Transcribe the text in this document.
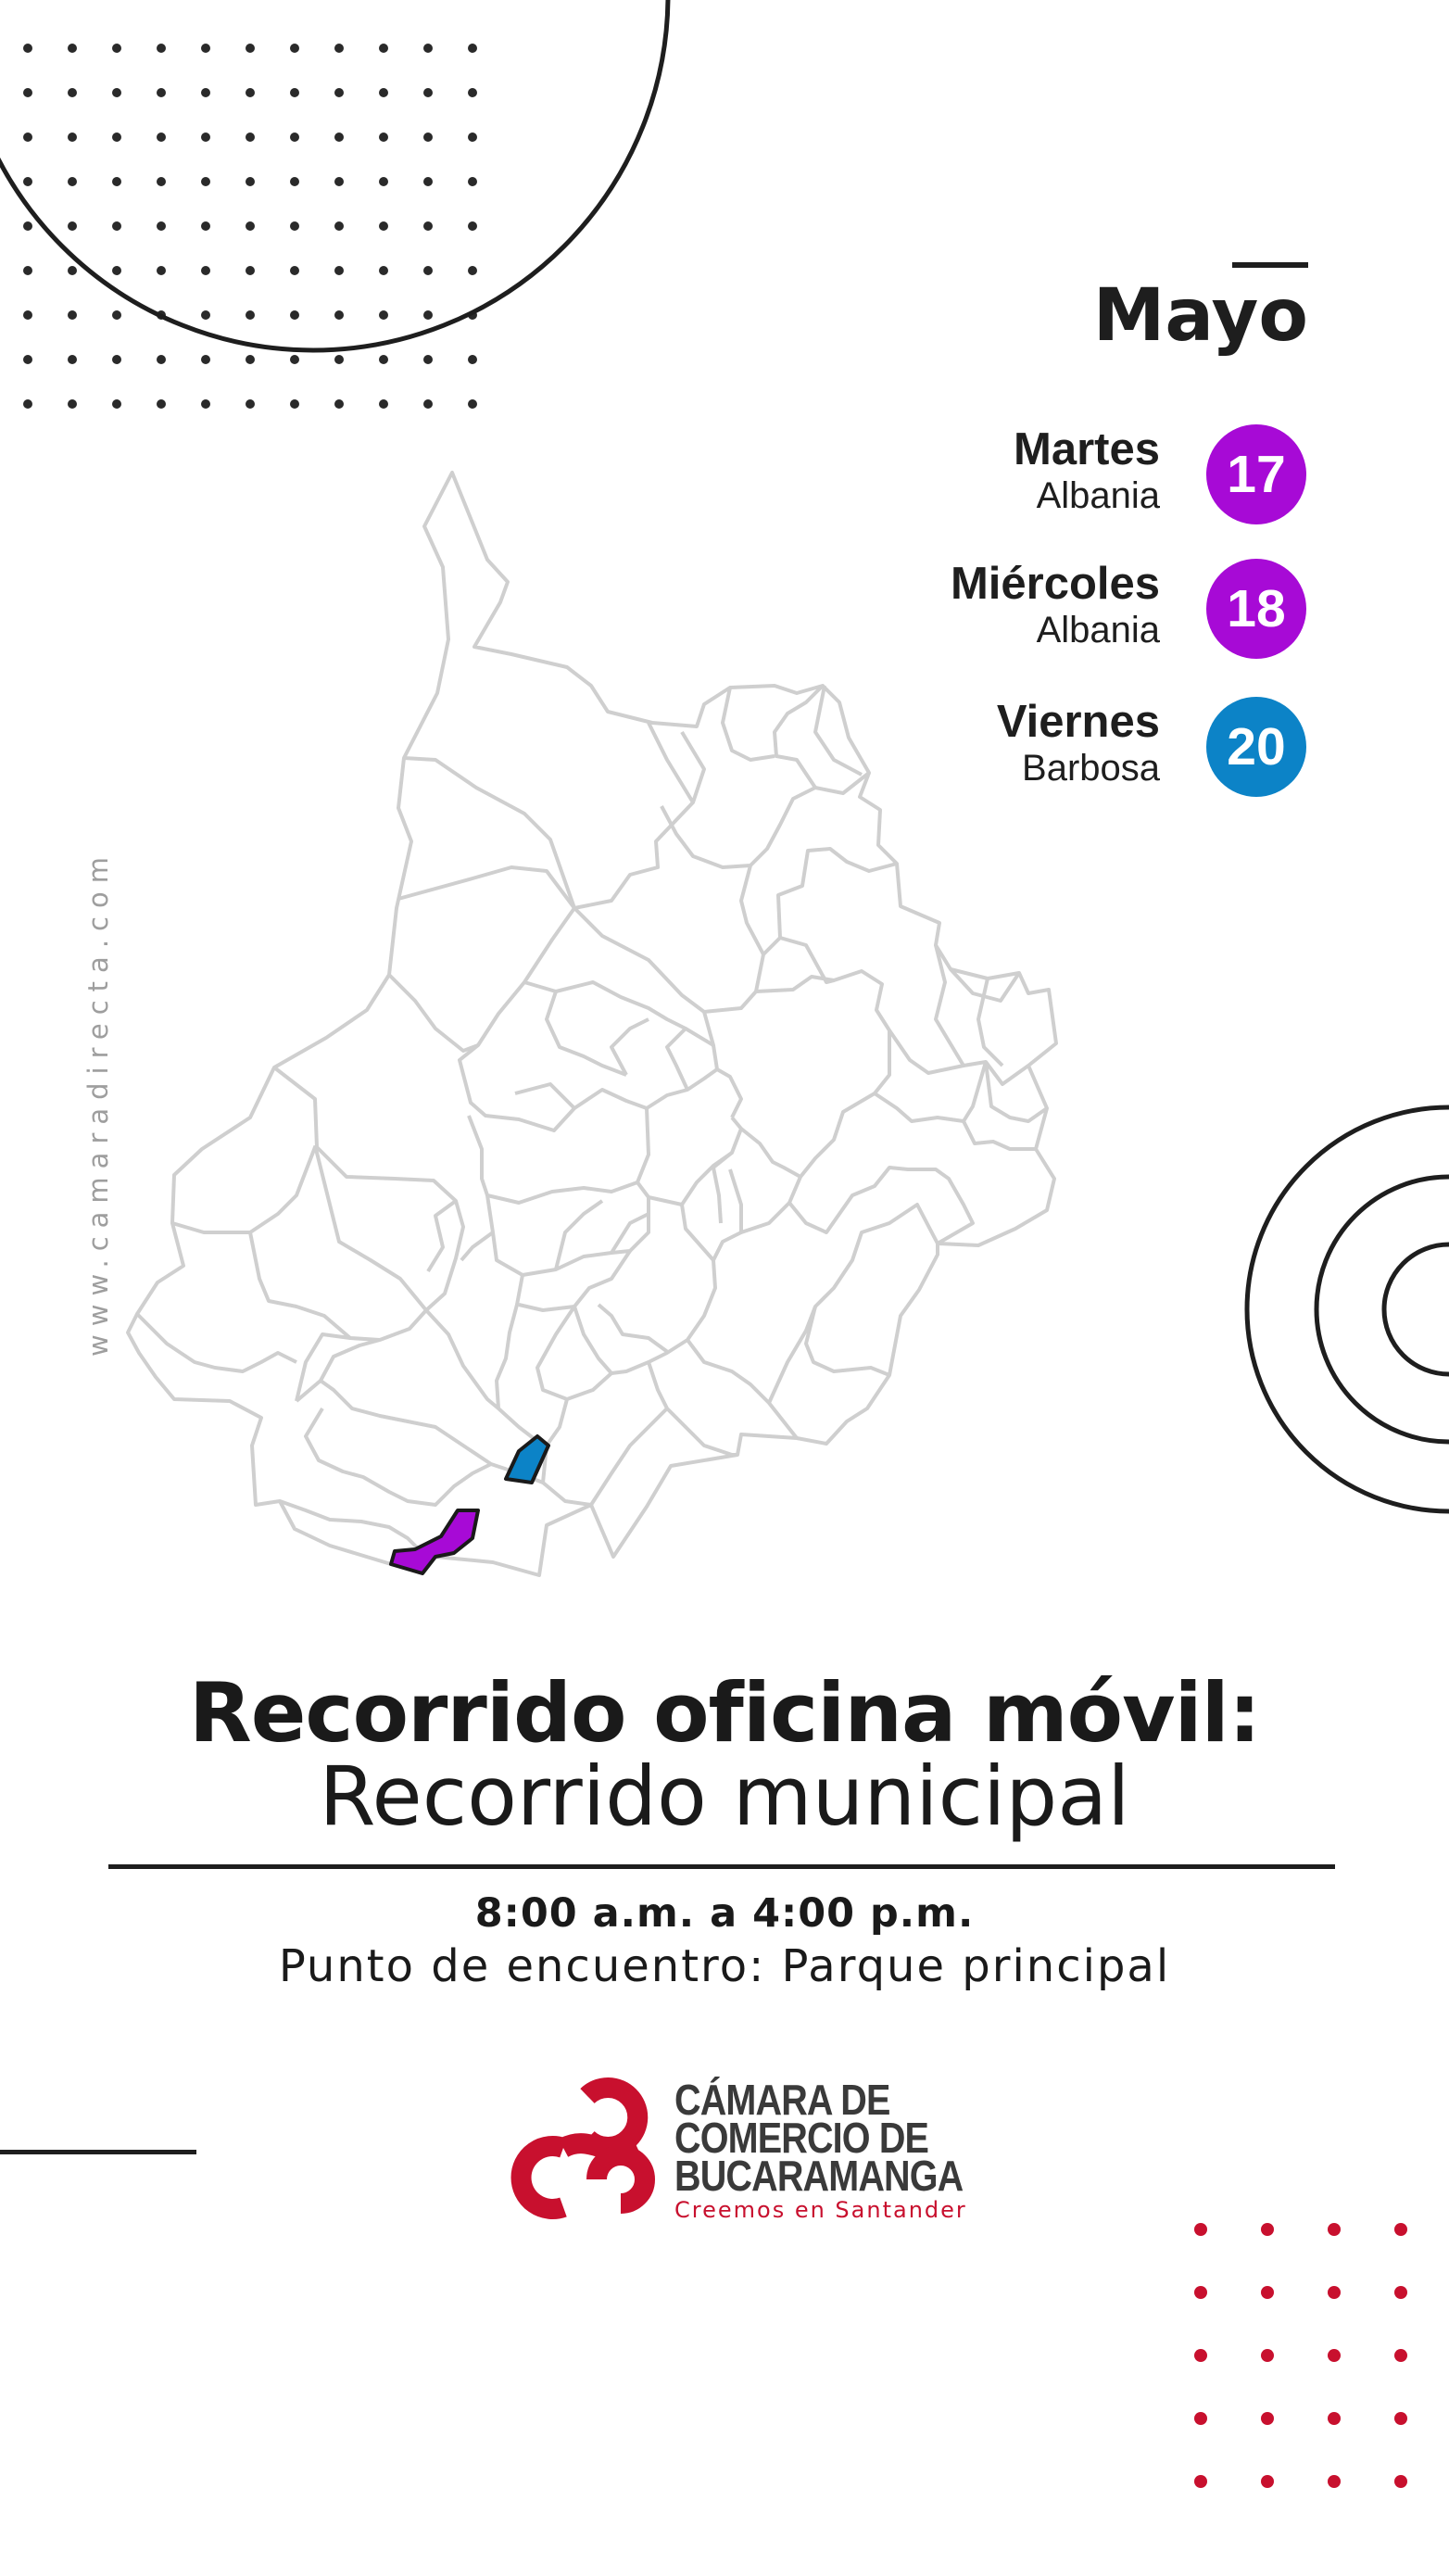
www.camaradirecta.com
Mayo
Martes
Albania	17
Miércoles
Albania	18
Viernes
Barbosa	20
Recorrido oficina móvil:
Recorrido municipal
8:00 a.m. a 4:00 p.m.
Punto de encuentro: Parque principal
CÁMARA DE
COMERCIO DE
BUCARAMANGA
Creemos en Santander
